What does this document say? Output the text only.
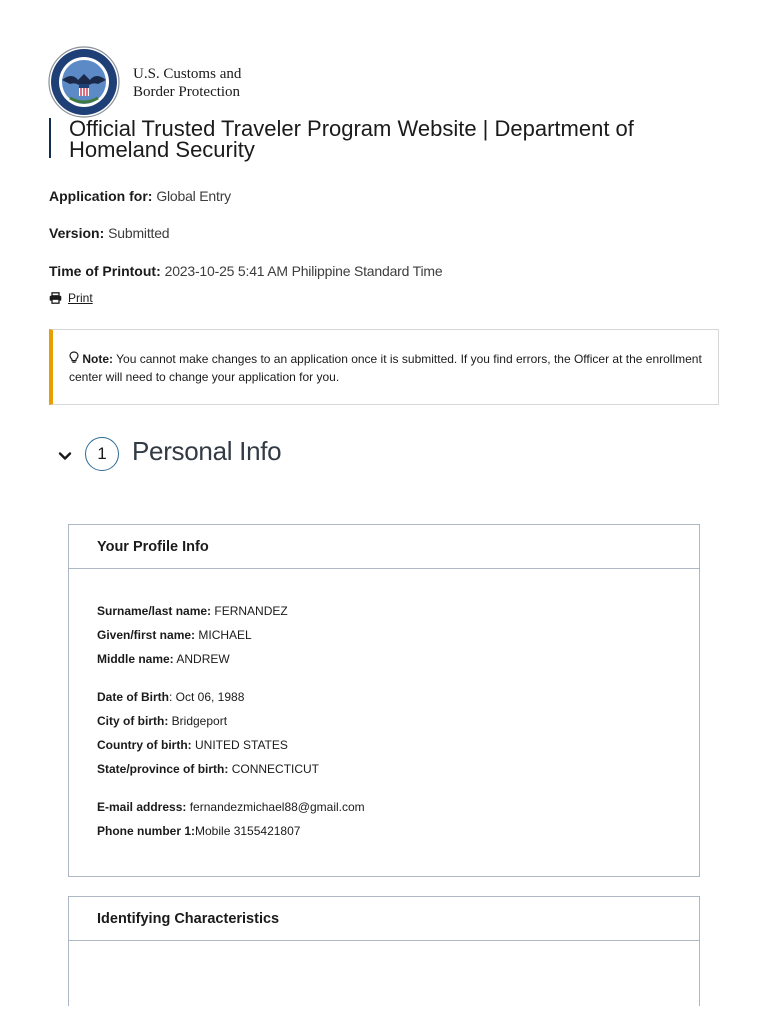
U.S. Customs and
Border Protection
Official Trusted Traveler Program Website | Department of Homeland Security
Application for: Global Entry
Version: Submitted
Time of Printout: 2023-10-25 5:41 AM Philippine Standard Time
Print
Note: You cannot make changes to an application once it is submitted. If you find errors, the Officer at the enrollment center will need to change your application for you.
1 Personal Info
Your Profile Info
Surname/last name: FERNANDEZ
Given/first name: MICHAEL
Middle name: ANDREW
Date of Birth: Oct 06, 1988
City of birth: Bridgeport
Country of birth: UNITED STATES
State/province of birth: CONNECTICUT
E-mail address: fernandezmichael88@gmail.com
Phone number 1:Mobile 3155421807
Identifying Characteristics
